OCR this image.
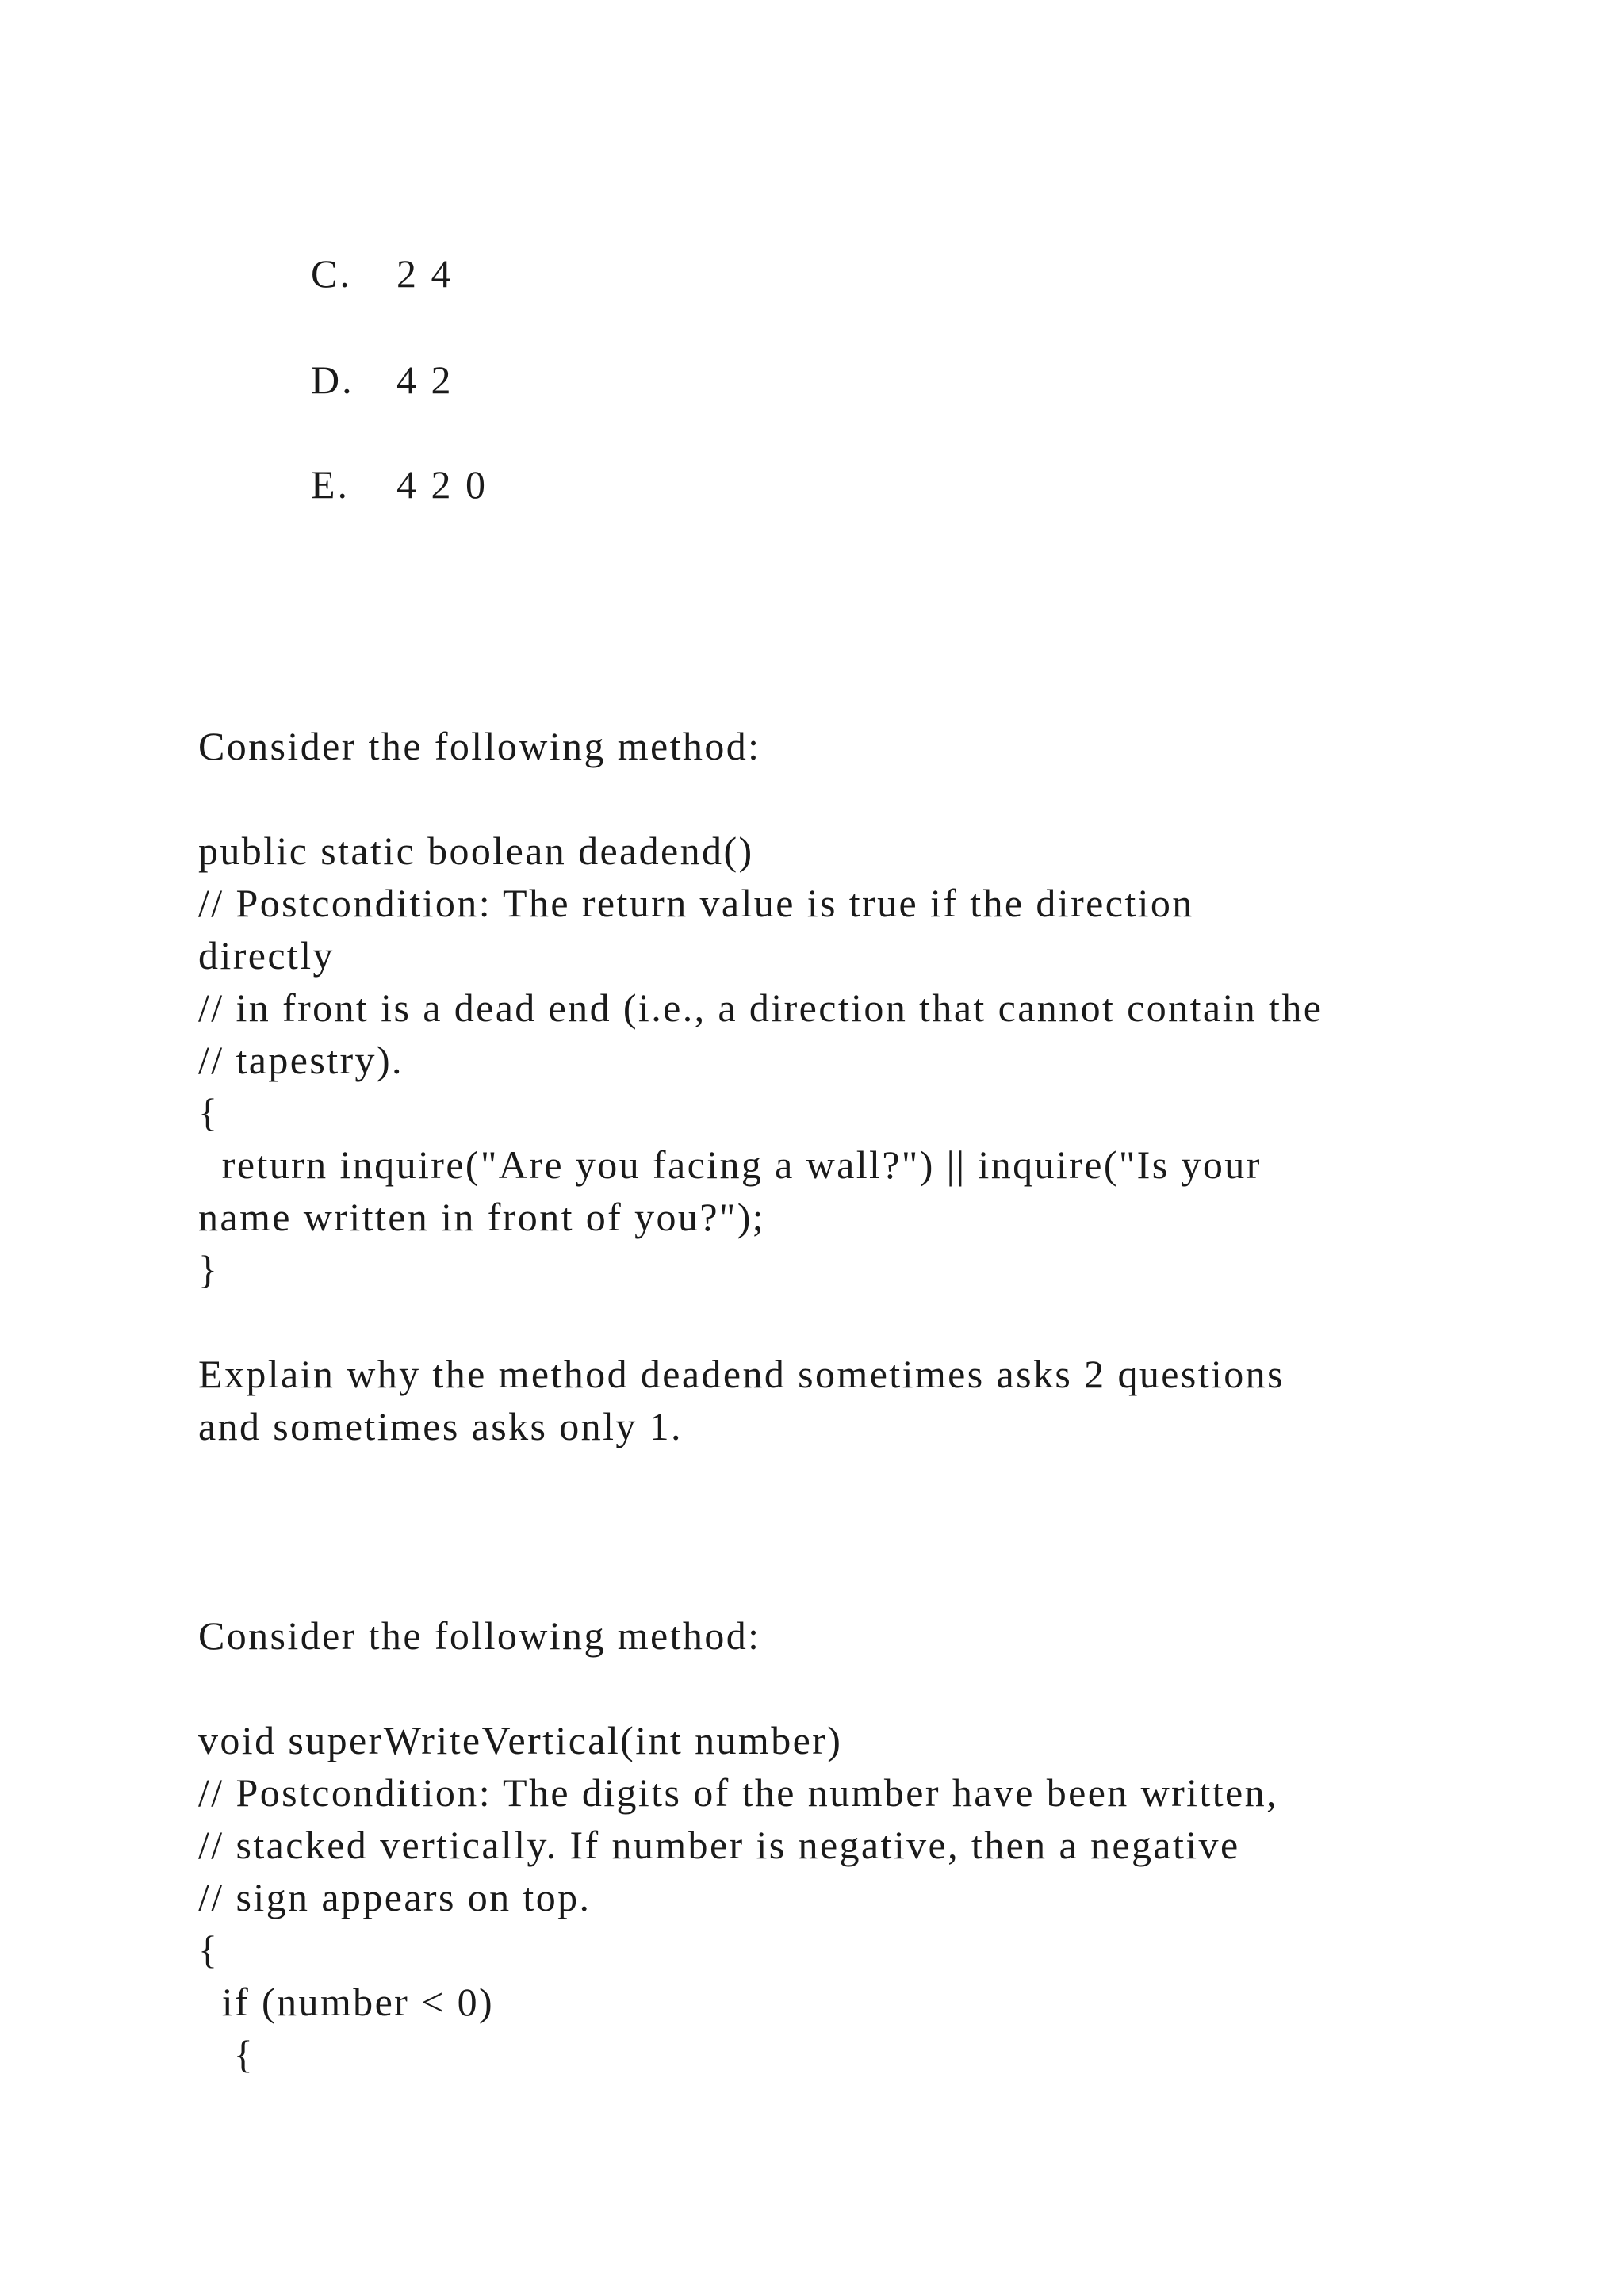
C. 2 4
D. 4 2
E. 4 2 0
Consider the following method:
public static boolean deadend()
// Postcondition: The return value is true if the direction
directly
// in front is a dead end (i.e., a direction that cannot contain the
// tapestry).
{
return inquire("Are you facing a wall?") || inquire("Is your
name written in front of you?");
}
Explain why the method deadend sometimes asks 2 questions
and sometimes asks only 1.
Consider the following method:
void superWriteVertical(int number)
// Postcondition: The digits of the number have been written,
// stacked vertically. If number is negative, then a negative
// sign appears on top.
{
if (number < 0)
{
